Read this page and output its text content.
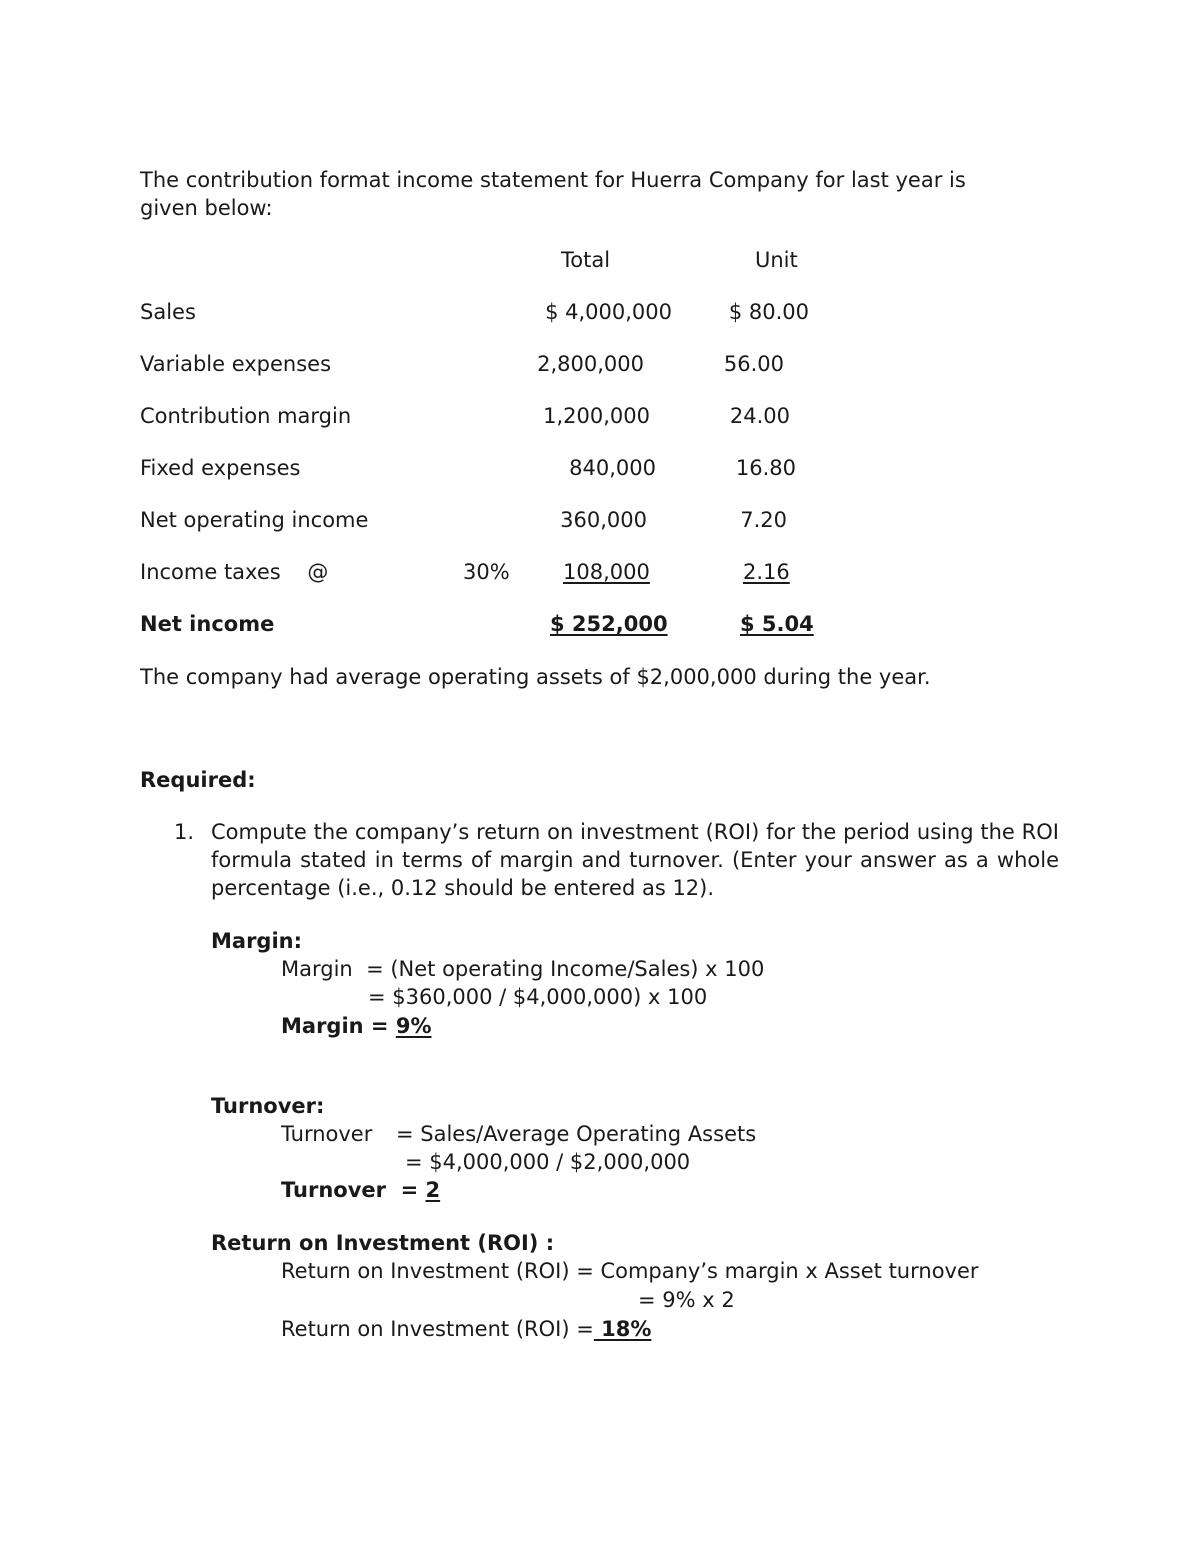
The contribution format income statement for Huerra Company for last year is given below:
Total	Unit
Sales	$ 4,000,000	$ 80.00
Variable expenses	2,800,000	56.00
Contribution margin	1,200,000	24.00
Fixed expenses	840,000	16.80
Net operating income	360,000	7.20
Income taxes    @	30%	108,000	2.16
Net income	$ 252,000	$ 5.04
The company had average operating assets of $2,000,000 during the year.
Required:
1. Compute the company’s return on investment (ROI) for the period using the ROI formula stated in terms of margin and turnover. (Enter your answer as a whole percentage (i.e., 0.12 should be entered as 12).
Margin:
Margin  = (Net operating Income/Sales) x 100
= $360,000 / $4,000,000) x 100
Margin = 9%
Turnover:
Turnover = Sales/Average Operating Assets
= $4,000,000 / $2,000,000
Turnover  = 2
Return on Investment (ROI) :
Return on Investment (ROI) = Company’s margin x Asset turnover
= 9% x 2
Return on Investment (ROI) = 18%
